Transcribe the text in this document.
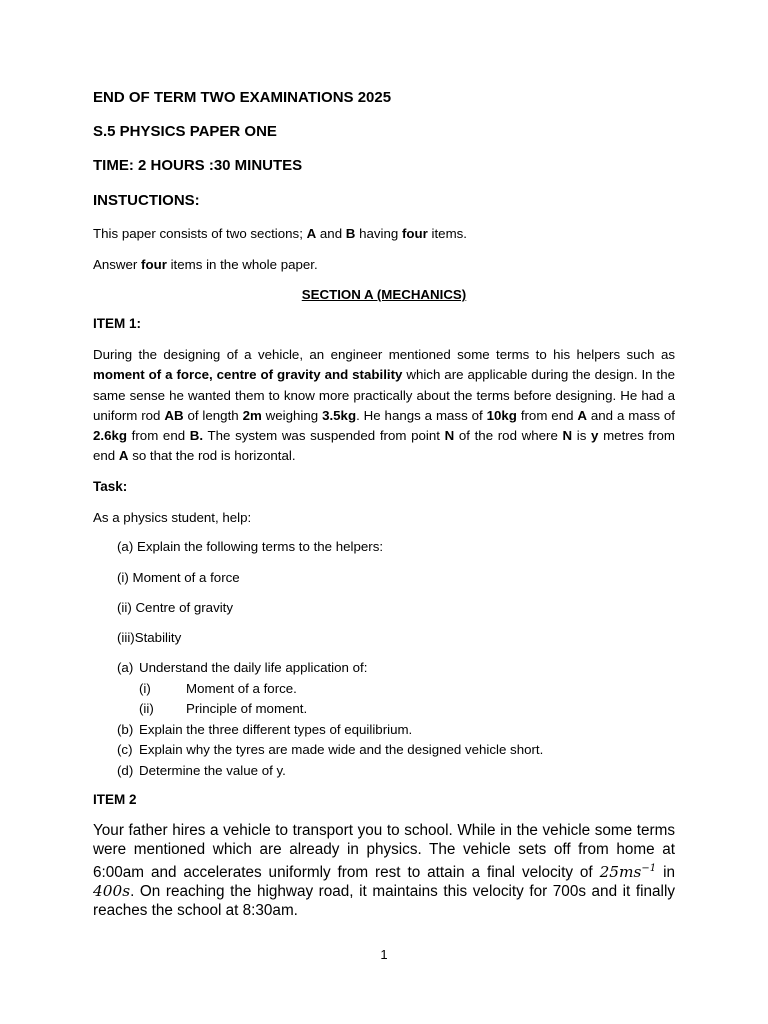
END OF TERM TWO EXAMINATIONS 2025
S.5 PHYSICS PAPER ONE
TIME: 2 HOURS :30 MINUTES
INSTUCTIONS:
This paper consists of two sections; A and B having four items.
Answer four items in the whole paper.
SECTION A (MECHANICS)
ITEM 1:
During the designing of a vehicle, an engineer mentioned some terms to his helpers such as moment of a force, centre of gravity and stability which are applicable during the design. In the same sense he wanted them to know more practically about the terms before designing. He had a uniform rod AB of length 2m weighing 3.5kg. He hangs a mass of 10kg from end A and a mass of 2.6kg from end B. The system was suspended from point N of the rod where N is y metres from end A so that the rod is horizontal.
Task:
As a physics student, help:
(a) Explain the following terms to the helpers:
(i) Moment of a force
(ii) Centre of gravity
(iii)Stability
(a) Understand the daily life application of:
(i)	Moment of a force.
(ii) Principle of moment.
(b) Explain the three different types of equilibrium.
(c) Explain why the tyres are made wide and the designed vehicle short.
(d) Determine the value of y.
ITEM 2
Your father hires a vehicle to transport you to school. While in the vehicle some terms were mentioned which are already in physics. The vehicle sets off from home at 6:00am and accelerates uniformly from rest to attain a final velocity of $25ms^{-1}$ in 400s. On reaching the highway road, it maintains this velocity for 700s and it finally reaches the school at 8:30am.
1
